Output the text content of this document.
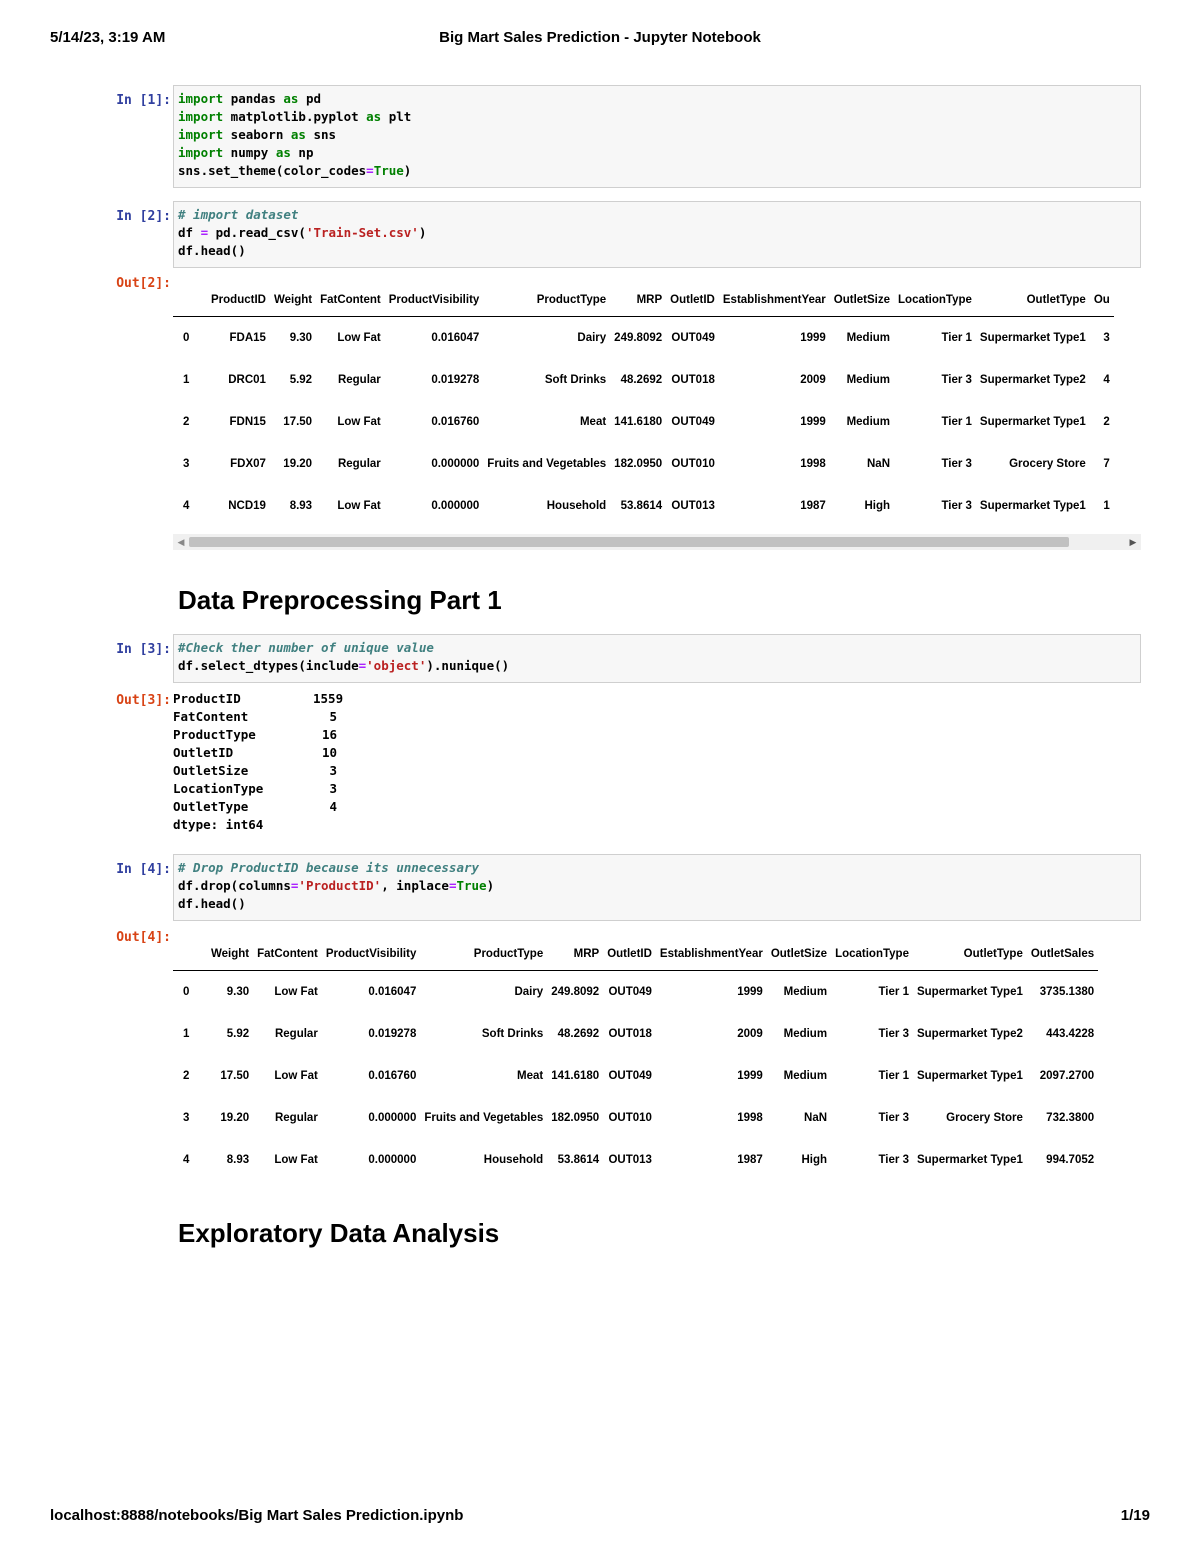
5/14/23, 3:19 AM	Big Mart Sales Prediction - Jupyter Notebook
In [1]: import pandas as pd
import matplotlib.pyplot as plt
import seaborn as sns
import numpy as np
sns.set_theme(color_codes=True)
In [2]: # import dataset
df = pd.read_csv('Train-Set.csv')
df.head()
Out[2]:
	ProductID	Weight	FatContent	ProductVisibility	ProductType	MRP	OutletID	EstablishmentYear	OutletSize	LocationType	OutletType	Ou
0	FDA15	9.30	Low Fat	0.016047	Dairy	249.8092	OUT049	1999	Medium	Tier 1	Supermarket Type1	3
1	DRC01	5.92	Regular	0.019278	Soft Drinks	48.2692	OUT018	2009	Medium	Tier 3	Supermarket Type2	4
2	FDN15	17.50	Low Fat	0.016760	Meat	141.6180	OUT049	1999	Medium	Tier 1	Supermarket Type1	2
3	FDX07	19.20	Regular	0.000000	Fruits and Vegetables	182.0950	OUT010	1998	NaN	Tier 3	Grocery Store	7
4	NCD19	8.93	Low Fat	0.000000	Household	53.8614	OUT013	1987	High	Tier 3	Supermarket Type1	1
◀	▶
Data Preprocessing Part 1
In [3]: #Check ther number of unique value
df.select_dtypes(include='object').nunique()
Out[3]: ProductID	1559
FatContent	5
ProductType	16
OutletID	10
OutletSize	3
LocationType	3
OutletType	4
dtype: int64
In [4]: # Drop ProductID because its unnecessary
df.drop(columns='ProductID', inplace=True)
df.head()
Out[4]:
	Weight	FatContent	ProductVisibility	ProductType	MRP	OutletID	EstablishmentYear	OutletSize	LocationType	OutletType	OutletSales
0	9.30	Low Fat	0.016047	Dairy	249.8092	OUT049	1999	Medium	Tier 1	Supermarket Type1	3735.1380
1	5.92	Regular	0.019278	Soft Drinks	48.2692	OUT018	2009	Medium	Tier 3	Supermarket Type2	443.4228
2	17.50	Low Fat	0.016760	Meat	141.6180	OUT049	1999	Medium	Tier 1	Supermarket Type1	2097.2700
3	19.20	Regular	0.000000	Fruits and Vegetables	182.0950	OUT010	1998	NaN	Tier 3	Grocery Store	732.3800
4	8.93	Low Fat	0.000000	Household	53.8614	OUT013	1987	High	Tier 3	Supermarket Type1	994.7052
Exploratory Data Analysis
localhost:8888/notebooks/Big Mart Sales Prediction.ipynb	1/19
